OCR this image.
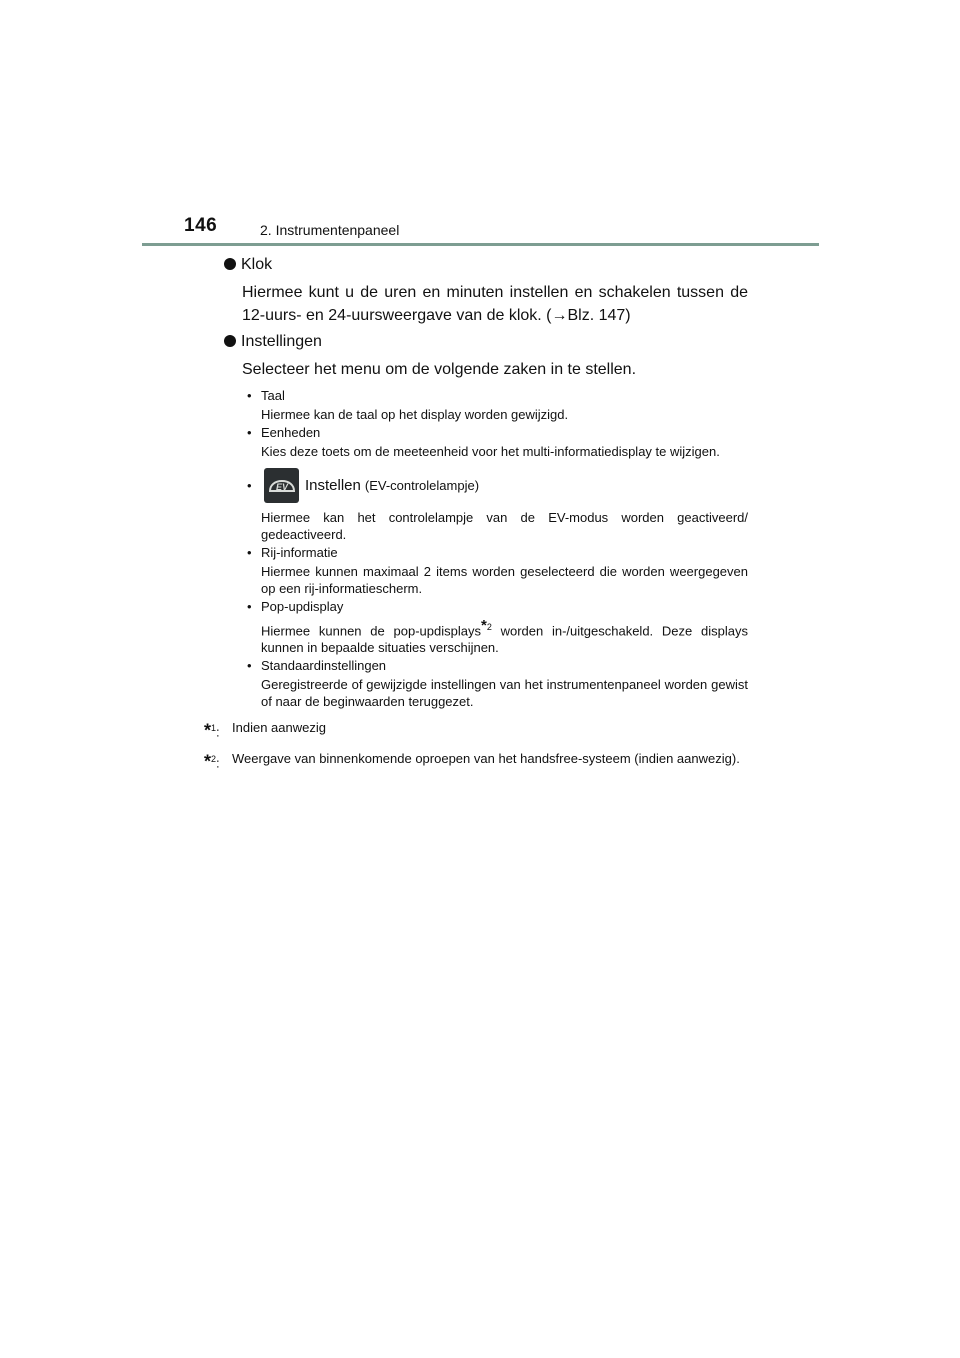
146	2. Instrumentenpaneel
Klok
Hiermee kunt u de uren en minuten instellen en schakelen tussen de 12-uurs- en 24-uursweergave van de klok. (→Blz. 147)
Instellingen
Selecteer het menu om de volgende zaken in te stellen.
• Taal
Hiermee kan de taal op het display worden gewijzigd.
• Eenheden
Kies deze toets om de meeteenheid voor het multi-informatiedisplay te wijzigen.
•	EV Instellen (EV-controlelampje)
Hiermee kan het controlelampje van de EV-modus worden geactiveerd/ gedeactiveerd.
• Rij-informatie
Hiermee kunnen maximaal 2 items worden geselecteerd die worden weergegeven op een rij-informatiescherm.
• Pop-updisplay
Hiermee kunnen de pop-updisplays$^{*2}$ worden in-/uitgeschakeld. Deze displays kunnen in bepaalde situaties verschijnen.
• Standaardinstellingen
Geregistreerde of gewijzigde instellingen van het instrumentenpaneel worden gewist of naar de beginwaarden teruggezet.
*$^1$: Indien aanwezig
*$^2$: Weergave van binnenkomende oproepen van het handsfree-systeem (indien aanwezig).
